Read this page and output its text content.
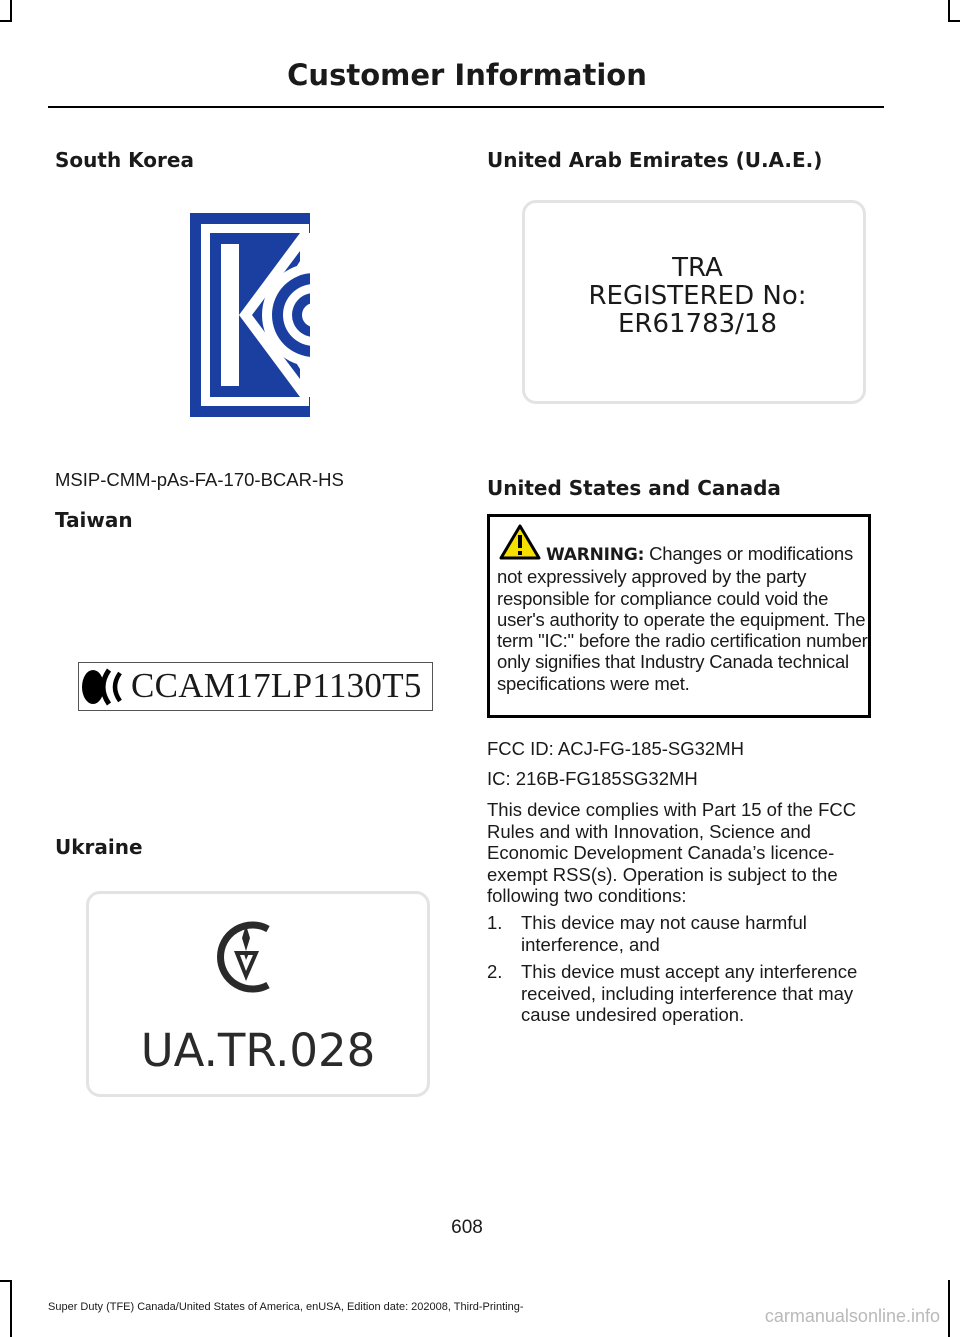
Customer Information
South Korea
MSIP-CMM-pAs-FA-170-BCAR-HS
Taiwan
CCAM17LP1130T5
Ukraine
UA.TR.028
United Arab Emirates (U.A.E.)
TRA
REGISTERED No:
ER61783/18
United States and Canada
WARNING: Changes or modifications not expressively approved by the party responsible for compliance could void the user's authority to operate the equipment. The term "IC:" before the radio certification number only signifies that Industry Canada technical specifications were met.
FCC ID: ACJ-FG-185-SG32MH
IC: 216B-FG185SG32MH
This device complies with Part 15 of the FCC Rules and with Innovation, Science and Economic Development Canada’s licence-exempt RSS(s). Operation is subject to the following two conditions:
1. This device may not cause harmful interference, and
2. This device must accept any interference received, including interference that may cause undesired operation.
608
Super Duty (TFE) Canada/United States of America, enUSA, Edition date: 202008, Third-Printing-	carmanualsonline.info
